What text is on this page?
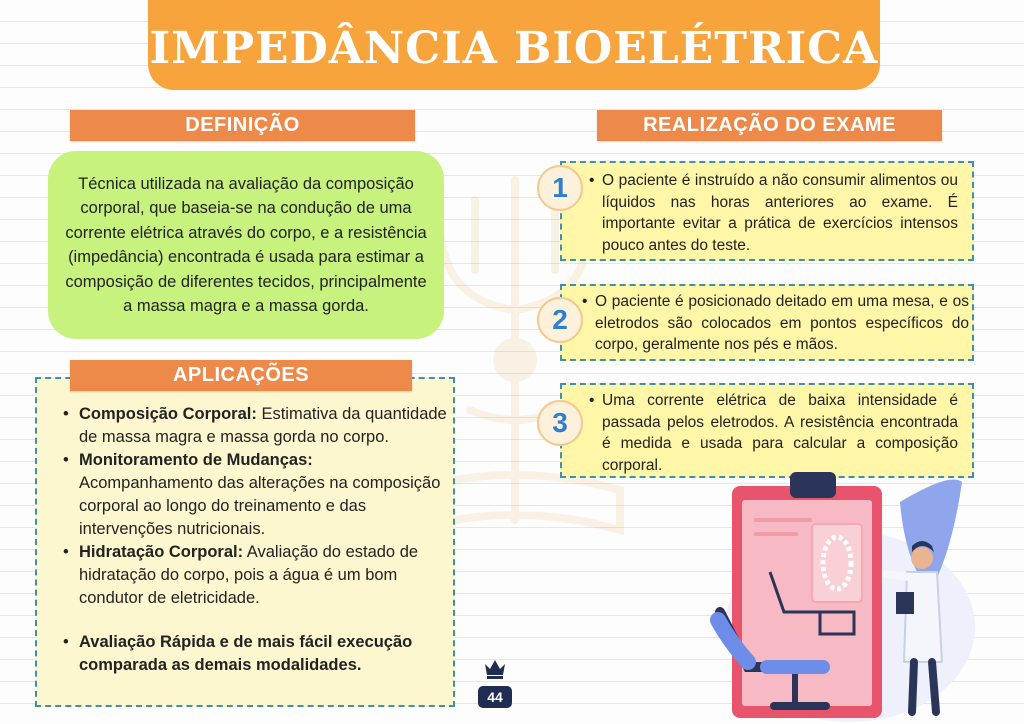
IMPEDÂNCIA BIOELÉTRICA
DEFINIÇÃO
Técnica utilizada na avaliação da composição corporal, que baseia-se na condução de uma corrente elétrica através do corpo, e a resistência (impedância) encontrada é usada para estimar a composição de diferentes tecidos, principalmente a massa magra e a massa gorda.
• Composição Corporal: Estimativa da quantidade de massa magra e massa gorda no corpo.
• Monitoramento de Mudanças: Acompanhamento das alterações na composição corporal ao longo do treinamento e das intervenções nutricionais.
• Hidratação Corporal: Avaliação do estado de hidratação do corpo, pois a água é um bom condutor de eletricidade.
• Avaliação Rápida e de mais fácil execução comparada as demais modalidades.
APLICAÇÕES
REALIZAÇÃO DO EXAME
• O paciente é instruído a não consumir alimentos ou líquidos nas horas anteriores ao exame. É importante evitar a prática de exercícios intensos pouco antes do teste.
1
• O paciente é posicionado deitado em uma mesa, e os eletrodos são colocados em pontos específicos do corpo, geralmente nos pés e mãos.
2
• Uma corrente elétrica de baixa intensidade é passada pelos eletrodos. A resistência encontrada é medida e usada para calcular a composição corporal.
3
44
